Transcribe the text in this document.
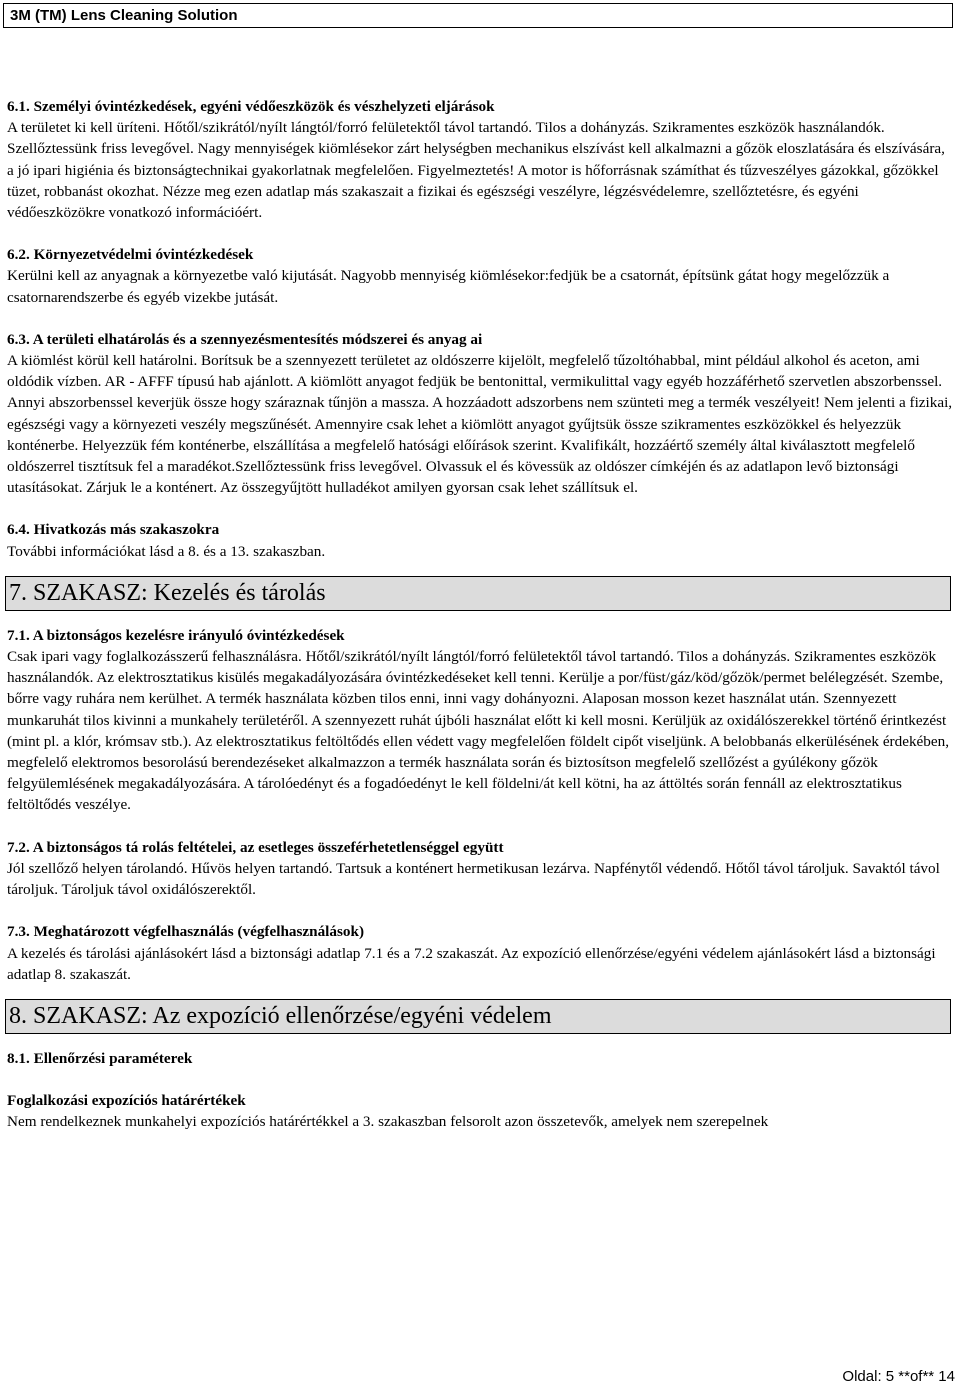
3M (TM) Lens Cleaning Solution

6.1. Személyi óvintézkedések, egyéni védőeszközök és vészhelyzeti eljárások

A területet ki kell üríteni. Hőtől/szikrától/nyílt lángtól/forró felületektől távol tartandó. Tilos a dohányzás. Szikramentes eszközök használandók. Szellőztessünk friss levegővel. Nagy mennyiségek kiömlésekor zárt helységben mechanikus elszívást kell alkalmazni a gőzök eloszlatására és elszívására, a jó ipari higiénia és biztonságtechnikai gyakorlatnak megfelelően. Figyelmeztetés! A motor is hőforrásnak számíthat és tűzveszélyes gázokkal, gőzökkel tüzet, robbanást okozhat. Nézze meg ezen adatlap más szakaszait a fizikai és egészségi veszélyre, légzésvédelemre, szellőztetésre, és egyéni védőeszközökre vonatkozó információért.

6.2. Környezetvédelmi óvintézkedések

Kerülni kell az anyagnak a környezetbe való kijutását. Nagyobb mennyiség kiömlésekor:fedjük be a csatornát, építsünk gátat hogy megelőzzük a csatornarendszerbe és egyéb vizekbe jutását.

6.3. A területi elhatárolás és a szennyezésmentesítés módszerei és anyag ai

A kiömlést körül kell határolni. Borítsuk be a szennyezett területet az oldószerre kijelölt, megfelelő tűzoltóhabbal, mint például alkohol és aceton, ami oldódik vízben. AR - AFFF típusú hab ajánlott. A kiömlött anyagot fedjük be bentonittal, vermikulittal vagy egyéb hozzáférhető szervetlen abszorbenssel. Annyi abszorbenssel keverjük össze hogy száraznak tűnjön a massza. A hozzáadott adszorbens nem szünteti meg a termék veszélyeit! Nem jelenti a fizikai, egészségi vagy a környezeti veszély megszűnését. Amennyire csak lehet a kiömlött anyagot gyűjtsük össze szikramentes eszközökkel és helyezzük konténerbe. Helyezzük fém konténerbe, elszállítása a megfelelő hatósági előírások szerint. Kvalifikált, hozzáértő személy által kiválasztott megfelelő oldószerrel tisztítsuk fel a maradékot.Szellőztessünk friss levegővel. Olvassuk el és kövessük az oldószer címkéjén és az adatlapon levő biztonsági utasításokat. Zárjuk le a konténert. Az összegyűjtött hulladékot amilyen gyorsan csak lehet szállítsuk el.

6.4. Hivatkozás más szakaszokra

További információkat lásd a 8. és a 13. szakaszban.

7. SZAKASZ: Kezelés és tárolás

7.1. A biztonságos kezelésre irányuló óvintézkedések

Csak ipari vagy foglalkozásszerű felhasználásra. Hőtől/szikrától/nyílt lángtól/forró felületektől távol tartandó. Tilos a dohányzás. Szikramentes eszközök használandók. Az elektrosztatikus kisülés megakadályozására óvintézkedéseket kell tenni. Kerülje a por/füst/gáz/köd/gőzök/permet belélegzését. Szembe, bőrre vagy ruhára nem kerülhet. A termék használata közben tilos enni, inni vagy dohányozni. Alaposan mosson kezet használat után. Szennyezett munkaruhát tilos kivinni a munkahely területéről. A szennyezett ruhát újbóli használat előtt ki kell mosni. Kerüljük az oxidálószerekkel történő érintkezést (mint pl. a klór, krómsav stb.). Az elektrosztatikus feltöltődés ellen védett vagy megfelelően földelt cipőt viseljünk. A belobbanás elkerülésének érdekében, megfelelő elektromos besorolású berendezéseket alkalmazzon a termék használata során és biztosítson megfelelő szellőzést a gyúlékony gőzök felgyülemlésének megakadályozására. A tárolóedényt és a fogadóedényt le kell földelni/át kell kötni, ha az áttöltés során fennáll az elektrosztatikus feltöltődés veszélye.

7.2. A biztonságos tá rolás feltételei, az esetleges összeférhetetlenséggel együtt

Jól szellőző helyen tárolandó. Hűvös helyen tartandó. Tartsuk a konténert hermetikusan lezárva. Napfénytől védendő. Hőtől távol tároljuk. Savaktól távol tároljuk. Tároljuk távol oxidálószerektől.

7.3. Meghatározott végfelhasználás (végfelhasználások)

A kezelés és tárolási ajánlásokért lásd a biztonsági adatlap 7.1 és a 7.2 szakaszát. Az expozíció ellenőrzése/egyéni védelem ajánlásokért lásd a biztonsági adatlap 8. szakaszát.

8. SZAKASZ: Az expozíció ellenőrzése/egyéni védelem

8.1. Ellenőrzési paraméterek

Foglalkozási expozíciós határértékek

Nem rendelkeznek munkahelyi expozíciós határértékkel a 3. szakaszban felsorolt azon összetevők, amelyek nem szerepelnek

Oldal: 5 **of** 14
